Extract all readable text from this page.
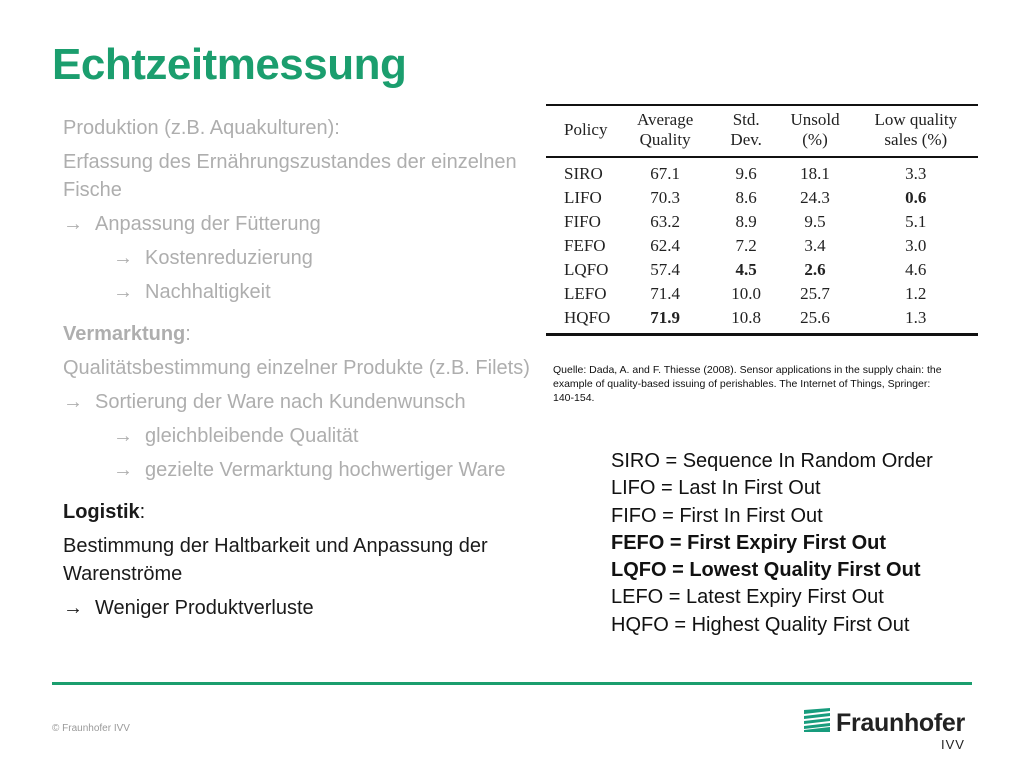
Echtzeitmessung

Produktion (z.B. Aquakulturen):

Erfassung des Ernährungszustandes der einzelnen Fische

→ Anpassung der Fütterung
→ Kostenreduzierung
→ Nachhaltigkeit

Vermarktung:

Qualitätsbestimmung einzelner Produkte (z.B. Filets)

→ Sortierung der Ware nach Kundenwunsch
→ gleichbleibende Qualität
→ gezielte Vermarktung hochwertiger Ware

Logistik:

Bestimmung der Haltbarkeit und Anpassung der Warenströme

→ Weniger Produktverluste
Policy	Average Quality	Std. Dev.	Unsold (%)	Low quality sales (%)
SIRO	67.1	9.6	18.1	3.3
LIFO	70.3	8.6	24.3	0.6
FIFO	63.2	8.9	9.5	5.1
FEFO	62.4	7.2	3.4	3.0
LQFO	57.4	4.5	2.6	4.6
LEFO	71.4	10.0	25.7	1.2
HQFO	71.9	10.8	25.6	1.3

Quelle: Dada, A. and F. Thiesse (2008). Sensor applications in the supply chain: the example of quality-based issuing of perishables. The Internet of Things, Springer: 140-154.

SIRO = Sequence In Random Order
LIFO = Last In First Out
FIFO = First In First Out
FEFO = First Expiry First Out
LQFO = Lowest Quality First Out
LEFO = Latest Expiry First Out
HQFO = Highest Quality First Out

© Fraunhofer IVV	Fraunhofer
IVV
